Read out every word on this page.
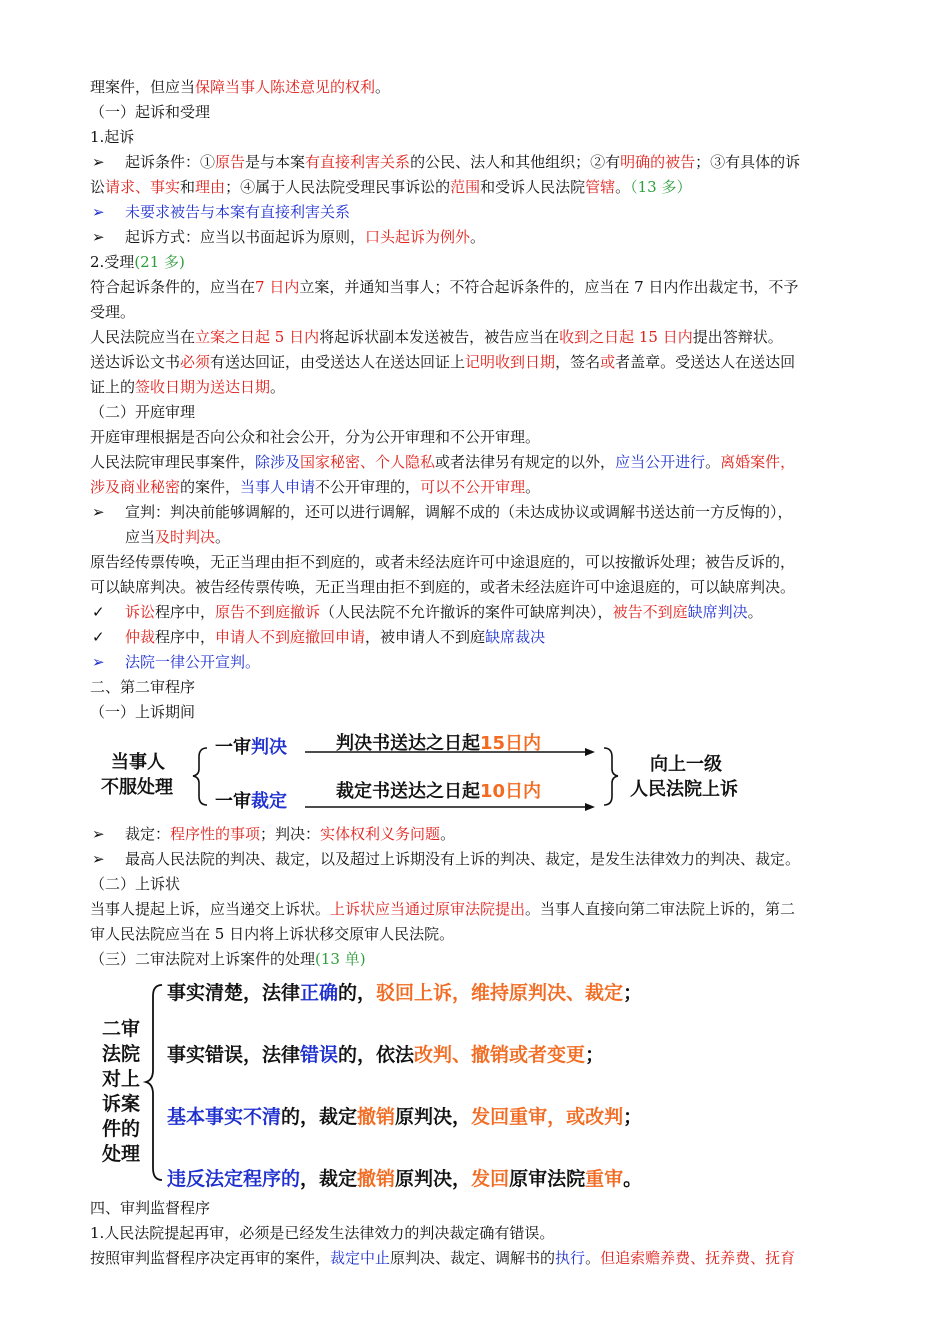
理案件，但应当保障当事人陈述意见的权利。
（一）起诉和受理
1.起诉
➢ 起诉条件：①原告是与本案有直接利害关系的公民、法人和其他组织；②有明确的被告；③有具体的诉
讼请求、事实和理由；④属于人民法院受理民事诉讼的范围和受诉人民法院管辖。（13 多）
➢ 未要求被告与本案有直接利害关系
➢ 起诉方式：应当以书面起诉为原则，口头起诉为例外。
2.受理(21 多)
符合起诉条件的，应当在7 日内立案，并通知当事人；不符合起诉条件的，应当在 7 日内作出裁定书，不予
受理。
人民法院应当在立案之日起 5 日内将起诉状副本发送被告，被告应当在收到之日起 15 日内提出答辩状。
送达诉讼文书必须有送达回证，由受送达人在送达回证上记明收到日期，签名或者盖章。受送达人在送达回
证上的签收日期为送达日期。
（二）开庭审理
开庭审理根据是否向公众和社会公开，分为公开审理和不公开审理。
人民法院审理民事案件，除涉及国家秘密、个人隐私或者法律另有规定的以外，应当公开进行。离婚案件，
涉及商业秘密的案件，当事人申请不公开审理的，可以不公开审理。
➢ 宣判：判决前能够调解的，还可以进行调解，调解不成的（未达成协议或调解书送达前一方反悔的），
应当及时判决。
原告经传票传唤，无正当理由拒不到庭的，或者未经法庭许可中途退庭的，可以按撤诉处理；被告反诉的，
可以缺席判决。被告经传票传唤，无正当理由拒不到庭的，或者未经法庭许可中途退庭的，可以缺席判决。
✓ 诉讼程序中，原告不到庭撤诉（人民法院不允许撤诉的案件可缺席判决），被告不到庭缺席判决。
✓ 仲裁程序中，申请人不到庭撤回申请，被申请人不到庭缺席裁决
➢ 法院一律公开宣判。
二、第二审程序
（一）上诉期间
当事人
不服处理
一审判决	判决书送达之日起15日内
一审裁定	裁定书送达之日起10日内
向上一级
人民法院上诉
➢ 裁定：程序性的事项；判决：实体权利义务问题。
➢ 最高人民法院的判决、裁定，以及超过上诉期没有上诉的判决、裁定，是发生法律效力的判决、裁定。
（二）上诉状
当事人提起上诉，应当递交上诉状。上诉状应当通过原审法院提出。当事人直接向第二审法院上诉的，第二
审人民法院应当在 5 日内将上诉状移交原审人民法院。
（三）二审法院对上诉案件的处理(13 单)
二审
法院
对上
诉案
件的
处理
事实清楚，法律正确的，驳回上诉，维持原判决、裁定；
事实错误，法律错误的，依法改判、撤销或者变更；
基本事实不清的，裁定撤销原判决，发回重审，或改判；
违反法定程序的，裁定撤销原判决，发回原审法院重审。
四、审判监督程序
1.人民法院提起再审，必须是已经发生法律效力的判决裁定确有错误。
按照审判监督程序决定再审的案件，裁定中止原判决、裁定、调解书的执行。但追索赡养费、抚养费、抚育
